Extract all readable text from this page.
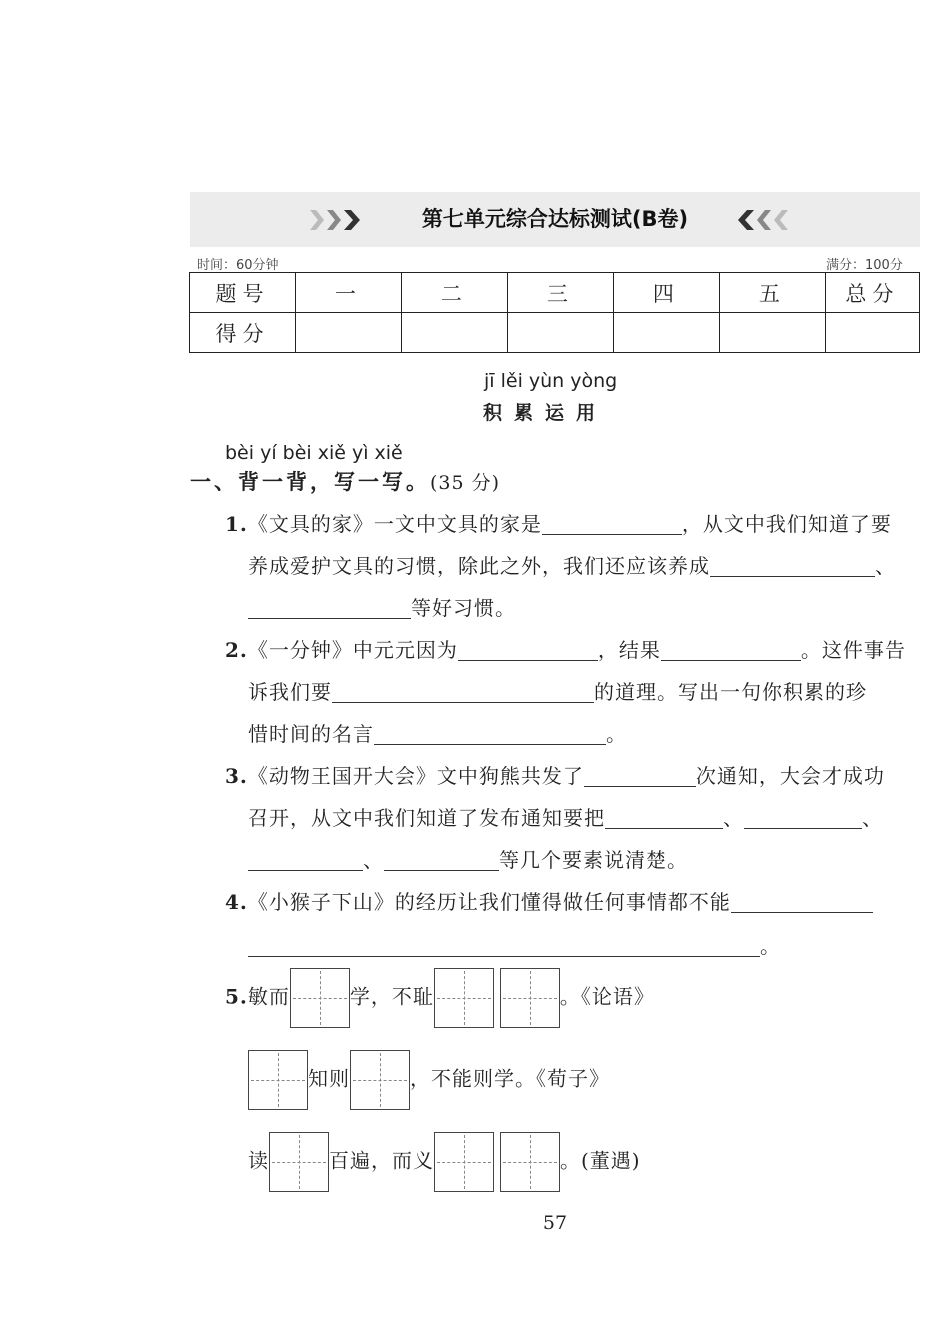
第七单元综合达标测试(B卷)
时间：60分钟	满分：100分
题号	一	二	三	四	五	总分
得分						
jī lěi yùn yòng
积累运用
bèi yí bèi xiě yì xiě
一、背一背，写一写。(35 分)
1.《文具的家》一文中文具的家是	，从文中我们知道了要
养成爱护文具的习惯，除此之外，我们还应该养成	、
等好习惯。
2.《一分钟》中元元因为	，结果	。这件事告
诉我们要	的道理。写出一句你积累的珍
惜时间的名言	。
3.《动物王国开大会》文中狗熊共发了	次通知，大会才成功
召开，从文中我们知道了发布通知要把	、	、
、	等几个要素说清楚。
4.《小猴子下山》的经历让我们懂得做任何事情都不能
。
5.敏而	学，不耻	。《论语》
知则	，不能则学。《荀子》
读	百遍，而义	。(董遇)
57
